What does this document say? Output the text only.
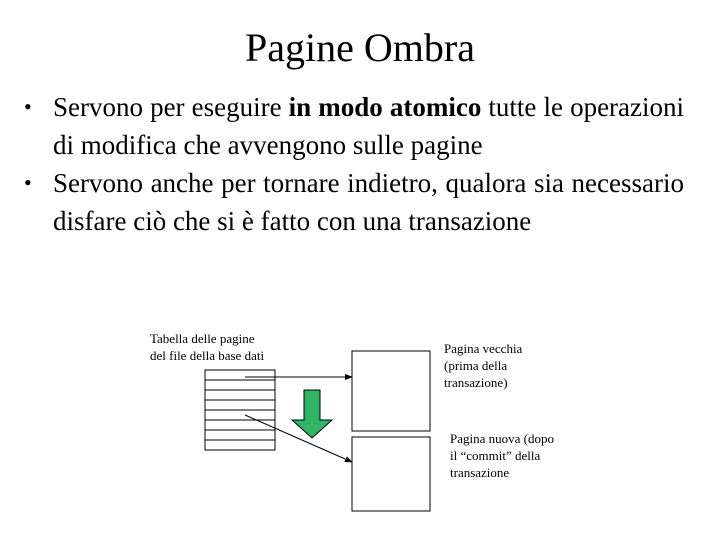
Pagine Ombra
• Servono per eseguire in modo atomico tutte le operazioni di modifica che avvengono sulle pagine
• Servono anche per tornare indietro, qualora sia necessario disfare ciò che si è fatto con una transazione
Tabella delle pagine
del file della base dati	Pagina vecchia
(prima della
transazione)
Pagina nuova (dopo
il “commit” della
transazione
